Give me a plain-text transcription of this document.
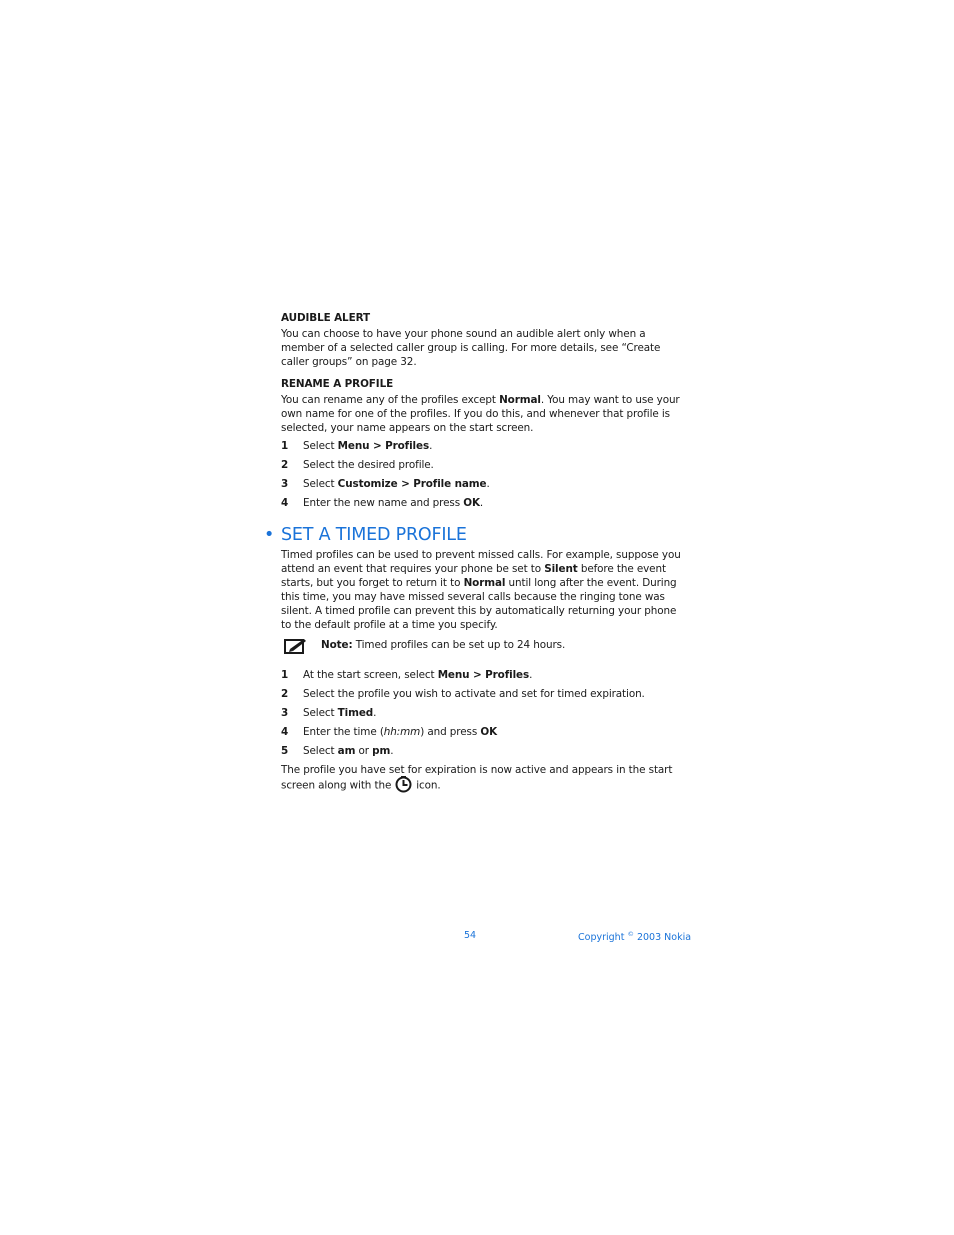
AUDIBLE ALERT

You can choose to have your phone sound an audible alert only when a member of a selected caller group is calling. For more details, see “Create caller groups” on page 32.

RENAME A PROFILE

You can rename any of the profiles except Normal. You may want to use your own name for one of the profiles. If you do this, and whenever that profile is selected, your name appears on the start screen.

1 Select Menu > Profiles.
2 Select the desired profile.
3 Select Customize > Profile name.
4 Enter the new name and press OK.
• SET A TIMED PROFILE

Timed profiles can be used to prevent missed calls. For example, suppose you attend an event that requires your phone be set to Silent before the event starts, but you forget to return it to Normal until long after the event. During this time, you may have missed several calls because the ringing tone was silent. A timed profile can prevent this by automatically returning your phone to the default profile at a time you specify.

Note: Timed profiles can be set up to 24 hours.
1 At the start screen, select Menu > Profiles.
2 Select the profile you wish to activate and set for timed expiration.
3 Select Timed.
4 Enter the time (hh:mm) and press OK
5 Select am or pm.

The profile you have set for expiration is now active and appears in the start screen along with the icon.

54	Copyright © 2003 Nokia
